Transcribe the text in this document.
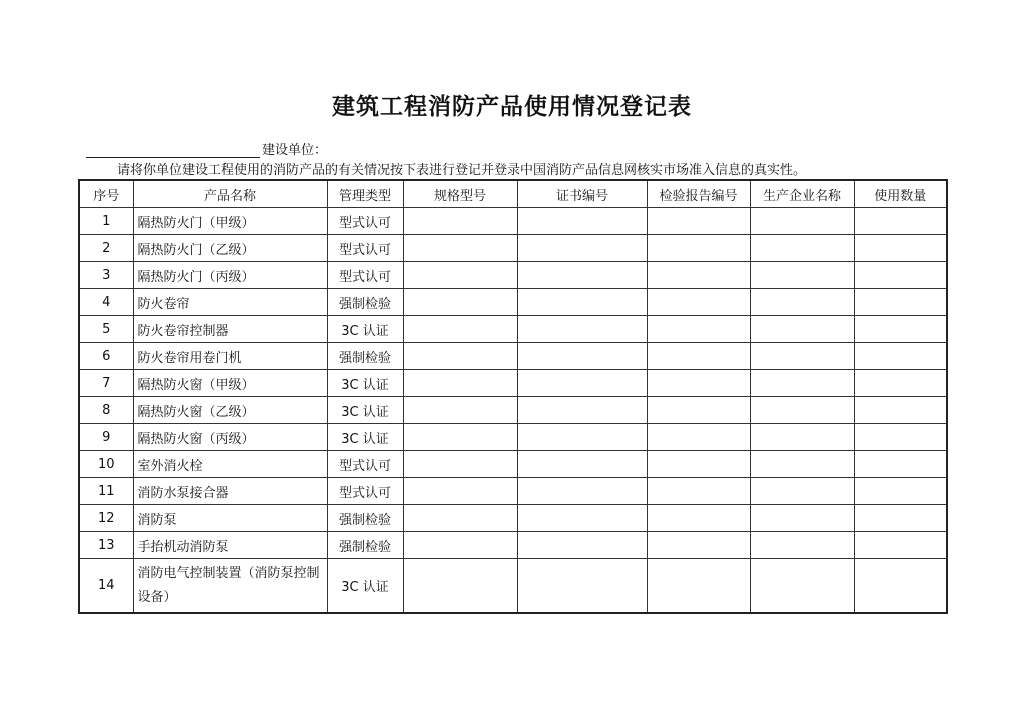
建筑工程消防产品使用情况登记表
建设单位：
请将你单位建设工程使用的消防产品的有关情况按下表进行登记并登录中国消防产品信息网核实市场准入信息的真实性。
序号	产品名称	管理类型	规格型号	证书编号	检验报告编号	生产企业名称	使用数量
1	隔热防火门（甲级）	型式认可					
2	隔热防火门（乙级）	型式认可					
3	隔热防火门（丙级）	型式认可					
4	防火卷帘	强制检验					
5	防火卷帘控制器	3C 认证					
6	防火卷帘用卷门机	强制检验					
7	隔热防火窗（甲级）	3C 认证					
8	隔热防火窗（乙级）	3C 认证					
9	隔热防火窗（丙级）	3C 认证					
10	室外消火栓	型式认可					
11	消防水泵接合器	型式认可					
12	消防泵	强制检验					
13	手抬机动消防泵	强制检验					
14	消防电气控制装置（消防泵控制设备）	3C 认证					
